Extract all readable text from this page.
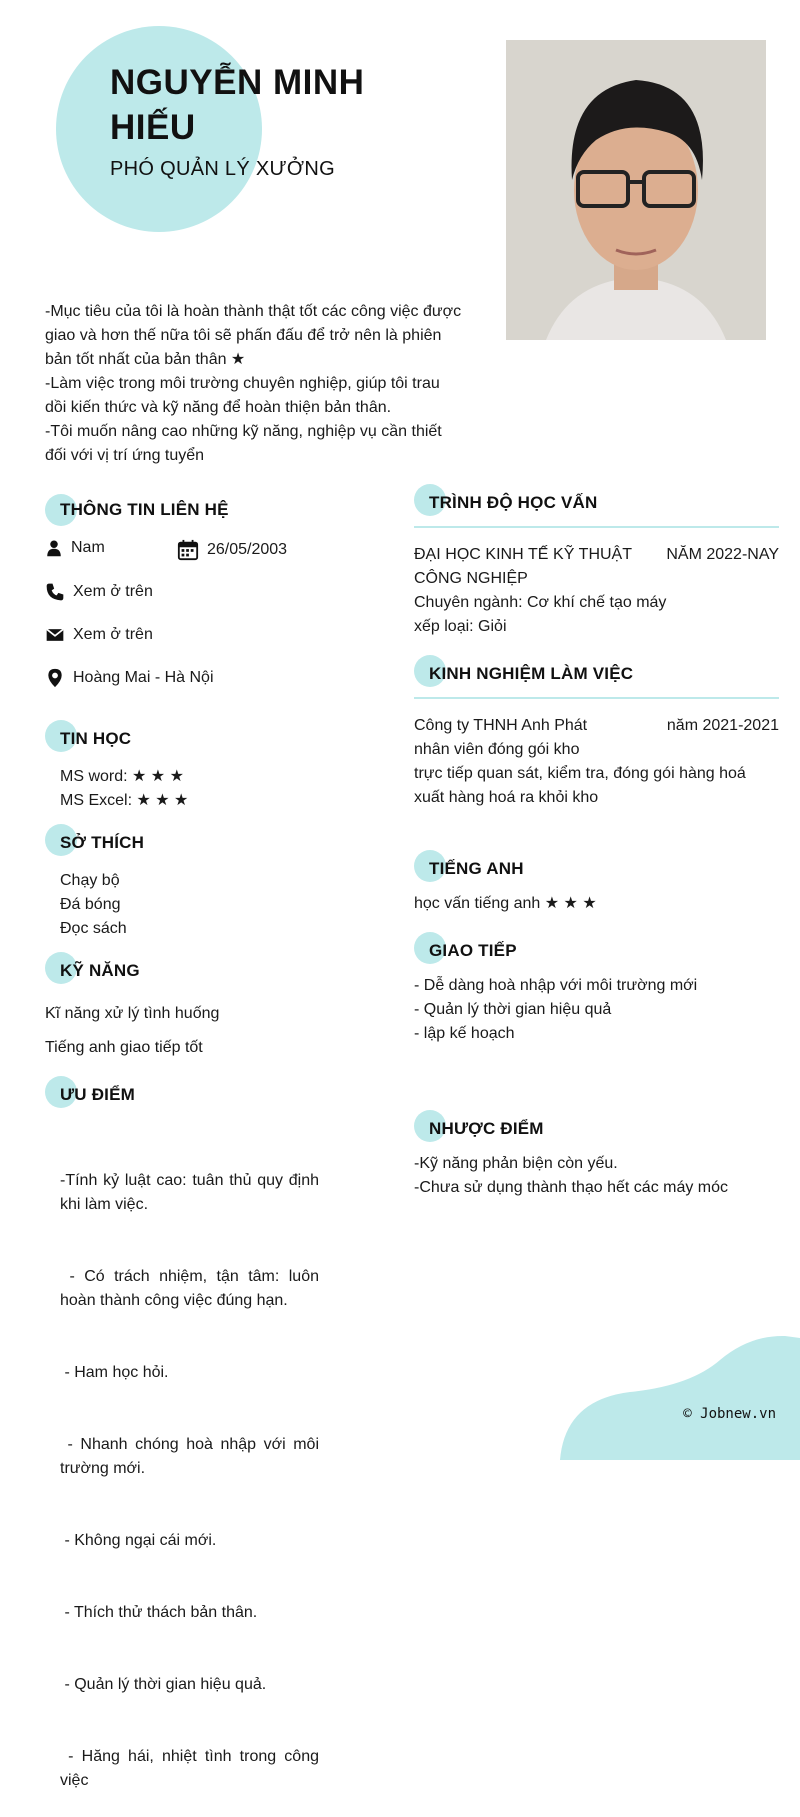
NGUYỄN MINH HIẾU
PHÓ QUẢN LÝ XƯỞNG
-Mục tiêu của tôi là hoàn thành thật tốt các công việc được giao và hơn thế nữa tôi sẽ phấn đấu để trở nên là phiên bản tốt nhất của bản thân ★
-Làm việc trong môi trường chuyên nghiệp, giúp tôi trau dồi kiến thức và kỹ năng để hoàn thiện bản thân.
-Tôi muốn nâng cao những kỹ năng, nghiệp vụ cần thiết đối với vị trí ứng tuyển
THÔNG TIN LIÊN HỆ
Nam	26/05/2003
Xem ở trên
Xem ở trên
Hoàng Mai - Hà Nội
TIN HỌC
MS word: ★ ★ ★
MS Excel: ★ ★ ★
SỞ THÍCH
Chạy bộ
Đá bóng
Đọc sách
KỸ NĂNG
Kĩ năng xử lý tình huống
Tiếng anh giao tiếp tốt
ƯU ĐIỂM

-Tính kỷ luật cao: tuân thủ quy định khi làm việc.

- Có trách nhiệm, tận tâm: luôn hoàn thành công việc đúng hạn.

- Ham học hỏi.

- Nhanh chóng hoà nhập với môi trường mới.

- Không ngại cái mới.

- Thích thử thách bản thân.

- Quản lý thời gian hiệu quả.

- Hăng hái, nhiệt tình trong công việc

TRÌNH ĐỘ HỌC VẤN
ĐẠI HỌC KINH TẾ KỸ THUẬT CÔNG NGHIỆP
NĂM 2022-NAY
Chuyên ngành: Cơ khí chế tạo máy
xếp loại: Giỏi
KINH NGHIỆM LÀM VIỆC
Công ty THNH Anh Phát	năm 2021-2021
nhân viên đóng gói kho
trực tiếp quan sát, kiểm tra, đóng gói hàng hoá
xuất hàng hoá ra khỏi kho
TIẾNG ANH
học vấn tiếng anh ★ ★ ★
GIAO TIẾP
- Dễ dàng hoà nhập với môi trường mới
- Quản lý thời gian hiệu quả
- lập kế hoạch
NHƯỢC ĐIỂM
-Kỹ năng phản biện còn yếu.
-Chưa sử dụng thành thạo hết các máy móc
© Jobnew.vn
